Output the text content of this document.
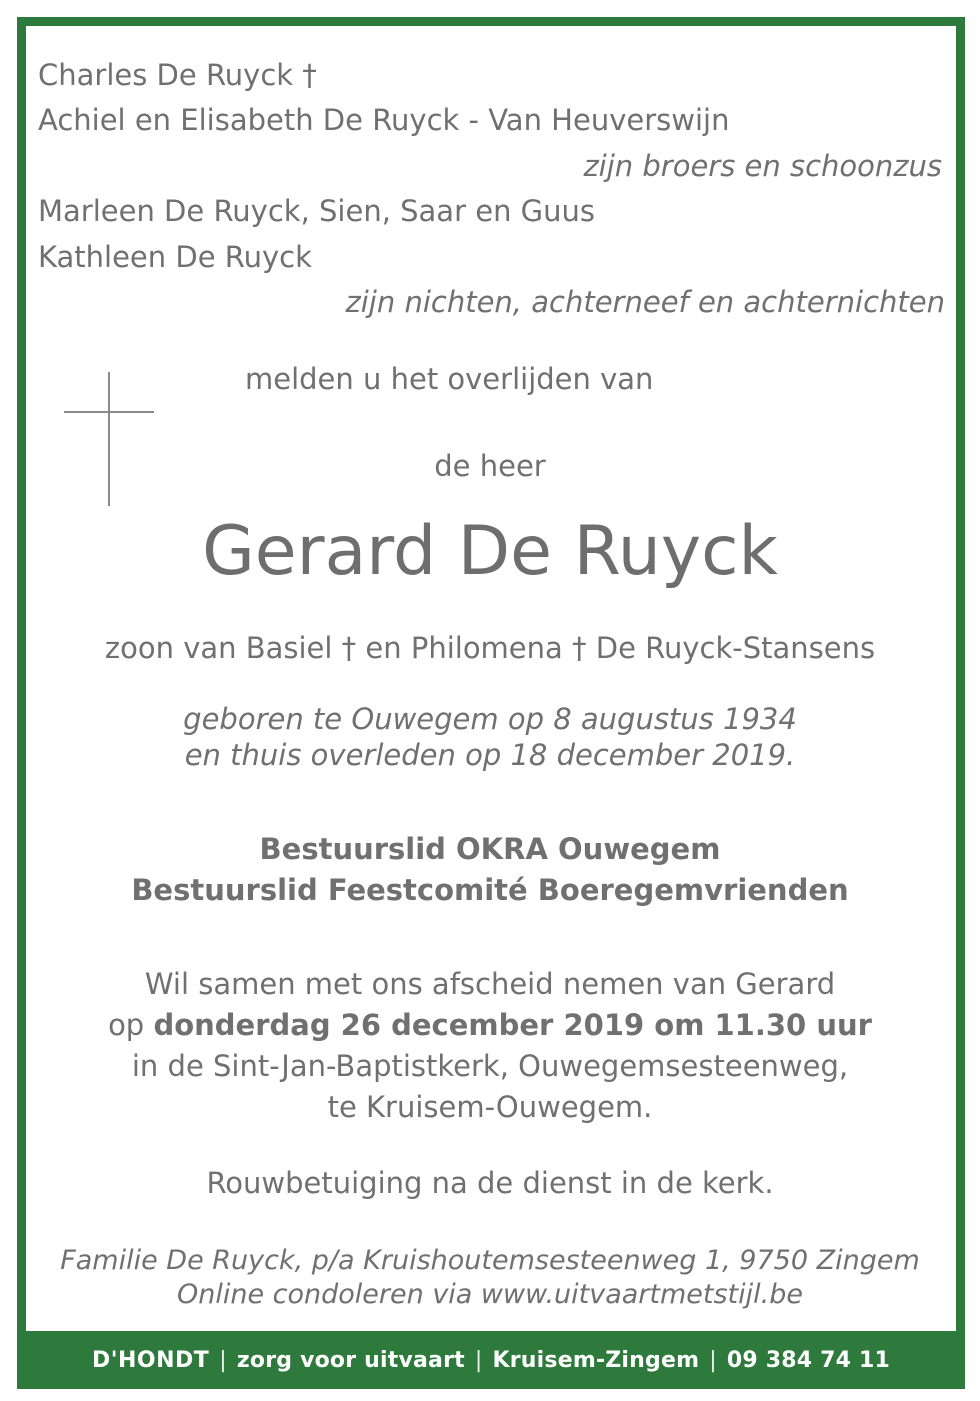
Charles De Ruyck †
Achiel en Elisabeth De Ruyck - Van Heuverswijn
zijn broers en schoonzus
Marleen De Ruyck, Sien, Saar en Guus
Kathleen De Ruyck
zijn nichten, achterneef en achternichten
melden u het overlijden van
de heer
Gerard De Ruyck
zoon van Basiel † en Philomena † De Ruyck-Stansens
geboren te Ouwegem op 8 augustus 1934
en thuis overleden op 18 december 2019.
Bestuurslid OKRA Ouwegem
Bestuurslid Feestcomité Boeregemvrienden
Wil samen met ons afscheid nemen van Gerard
op donderdag 26 december 2019 om 11.30 uur
in de Sint-Jan-Baptistkerk, Ouwegemsesteenweg,
te Kruisem-Ouwegem.
Rouwbetuiging na de dienst in de kerk.
Familie De Ruyck, p/a Kruishoutemsesteenweg 1, 9750 Zingem
Online condoleren via www.uitvaartmetstijl.be
D'HONDT | zorg voor uitvaart | Kruisem-Zingem | 09 384 74 11
